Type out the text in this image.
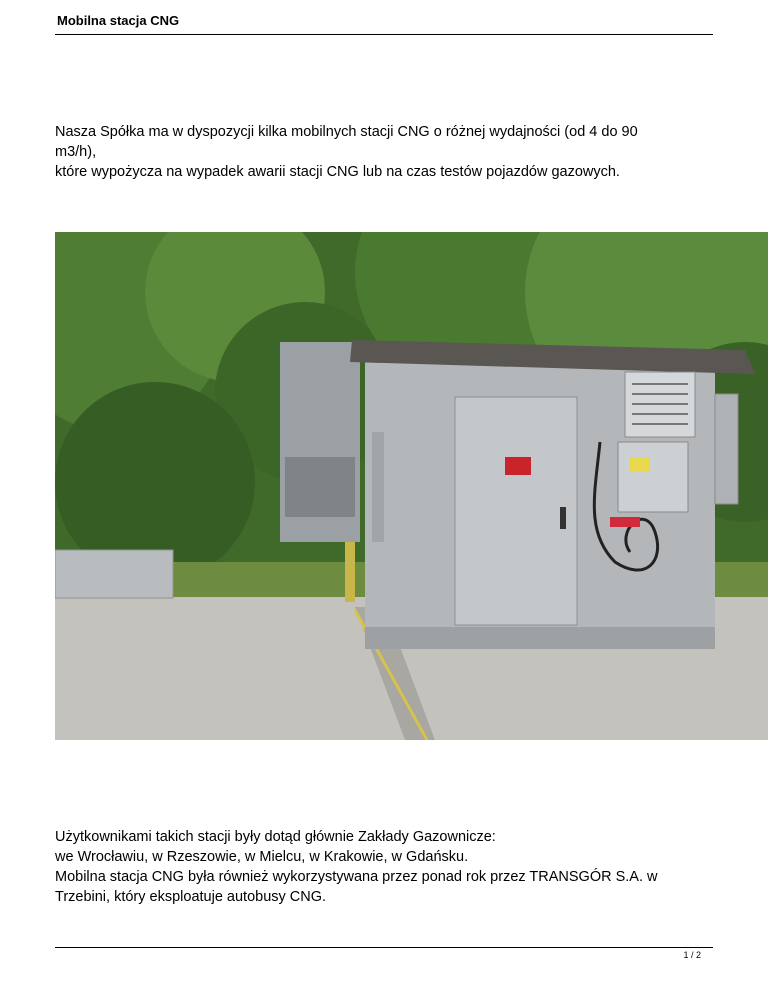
Mobilna stacja CNG
Nasza Spółka ma w dyspozycji kilka mobilnych stacji CNG o różnej wydajności (od 4 do 90
m3/h),
które wypożycza na wypadek awarii stacji CNG lub na czas testów pojazdów gazowych.
Użytkownikami takich stacji były dotąd głównie Zakłady Gazownicze:
we Wrocławiu, w Rzeszowie, w Mielcu, w Krakowie, w Gdańsku.
Mobilna stacja CNG była również wykorzystywana przez ponad rok przez TRANSGÓR S.A. w
Trzebini, który eksploatuje autobusy CNG.
1 / 2
